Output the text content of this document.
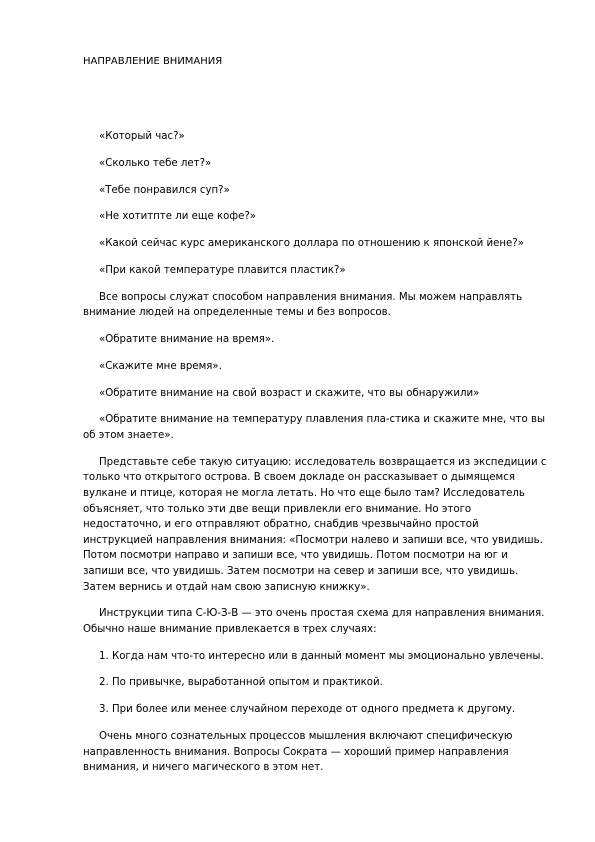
НАПРАВЛЕНИЕ ВНИМАНИЯ

«Который час?»

«Сколько тебе лет?»

«Тебе понравился суп?»

«Не хотитпте ли еще кофе?»

«Какой сейчас курс американского доллара по отношению к японской йене?»

«При какой температуре плавится пластик?»

Все вопросы служат способом направления внимания. Мы можем направлять внимание людей на определенные темы и без вопросов.

«Обратите внимание на время».

«Скажите мне время».

«Обратите внимание на свой возраст и скажите, что вы обнаружили»

«Обратите внимание на температуру плавления пла-стика и скажите мне, что вы об этом знаете».

Представьте себе такую ситуацию: исследователь возвращается из экспедиции с только что открытого острова. В своем докладе он рассказывает о дымящемся вулкане и птице, которая не могла летать. Но что еще было там? Исследователь объясняет, что только эти две вещи привлекли его внимание. Но этого недостаточно, и его отправляют обратно, снабдив чрезвычайно простой инструкцией направления внимания: «Посмотри налево и запиши все, что увидишь. Потом посмотри направо и запиши все, что увидишь. Потом посмотри на юг и запиши все, что увидишь. Затем посмотри на север и запиши все, что увидишь. Затем вернись и отдай нам свою записную книжку».

Инструкции типа С-Ю-З-В — это очень простая схема для направления внимания. Обычно наше внимание привлекается в трех случаях:

1. Когда нам что-то интересно или в данный момент мы эмоционально увлечены.

2. По привычке, выработанной опытом и практикой.

3. При более или менее случайном переходе от одного предмета к другому.

Очень много сознательных процессов мышления включают специфическую направленность внимания. Вопросы Сократа — хороший пример направления внимания, и ничего магического в этом нет.
